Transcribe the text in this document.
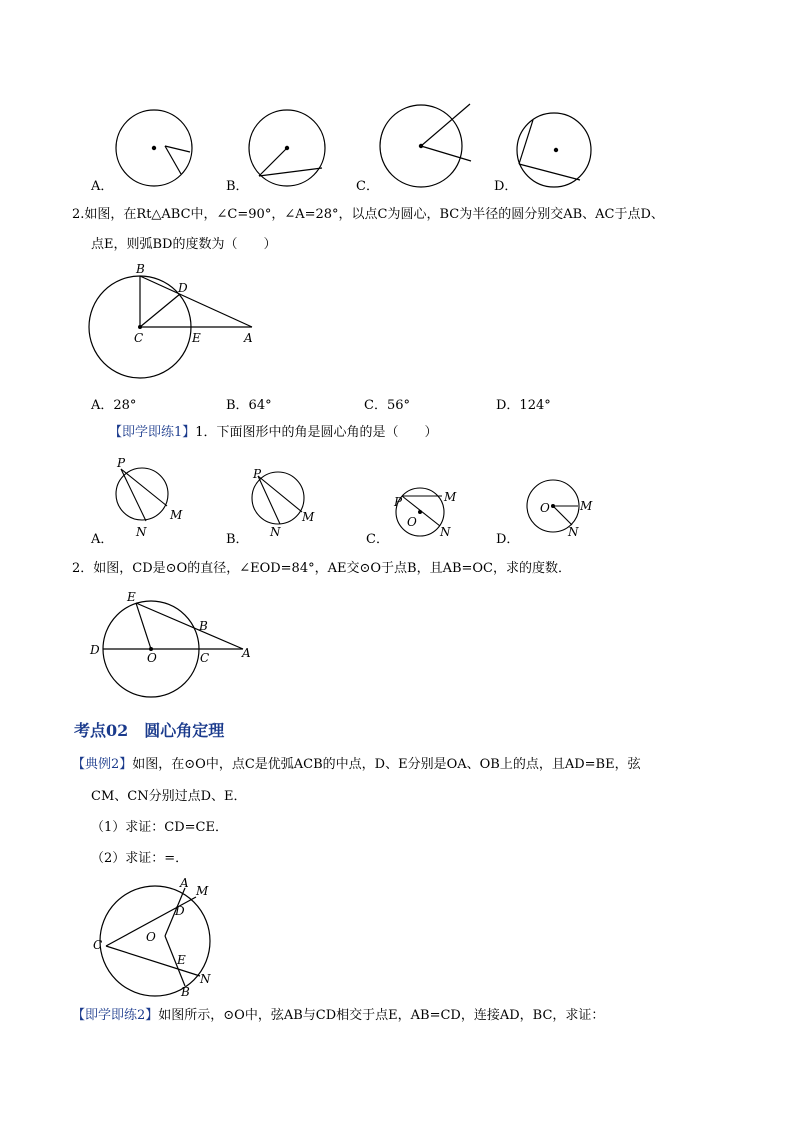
A．	B．	C．	D．
2.如图，在Rt△ABC中，∠C=90°，∠A=28°，以点C为圆心，BC为半径的圆分别交AB、AC于点D、
点E，则弧BD的度数为（　　）
B
D
C	E	A
A．28°	B．64°	C．56°	D．124°
【即学即练1】1．下面图形中的角是圆心角的是（　　）
P
M
N
A．
P
M
N
B．
P	M
O
N
C．
O	M
N
D．
2．如图，CD是⊙O的直径，∠EOD=84°，AE交⊙O于点B，且AB=OC，求的度数．
E
B
D
O	C	A
考点02　圆心角定理
【典例2】如图，在⊙O中，点C是优弧ACB的中点，D、E分别是OA、OB上的点，且AD=BE，弦
CM、CN分别过点D、E．
（1）求证：CD=CE．
（2）求证：=．
A
M
D
C
O
E
N
B
【即学即练2】如图所示，⊙O中，弦AB与CD相交于点E，AB=CD，连接AD，BC，求证：
